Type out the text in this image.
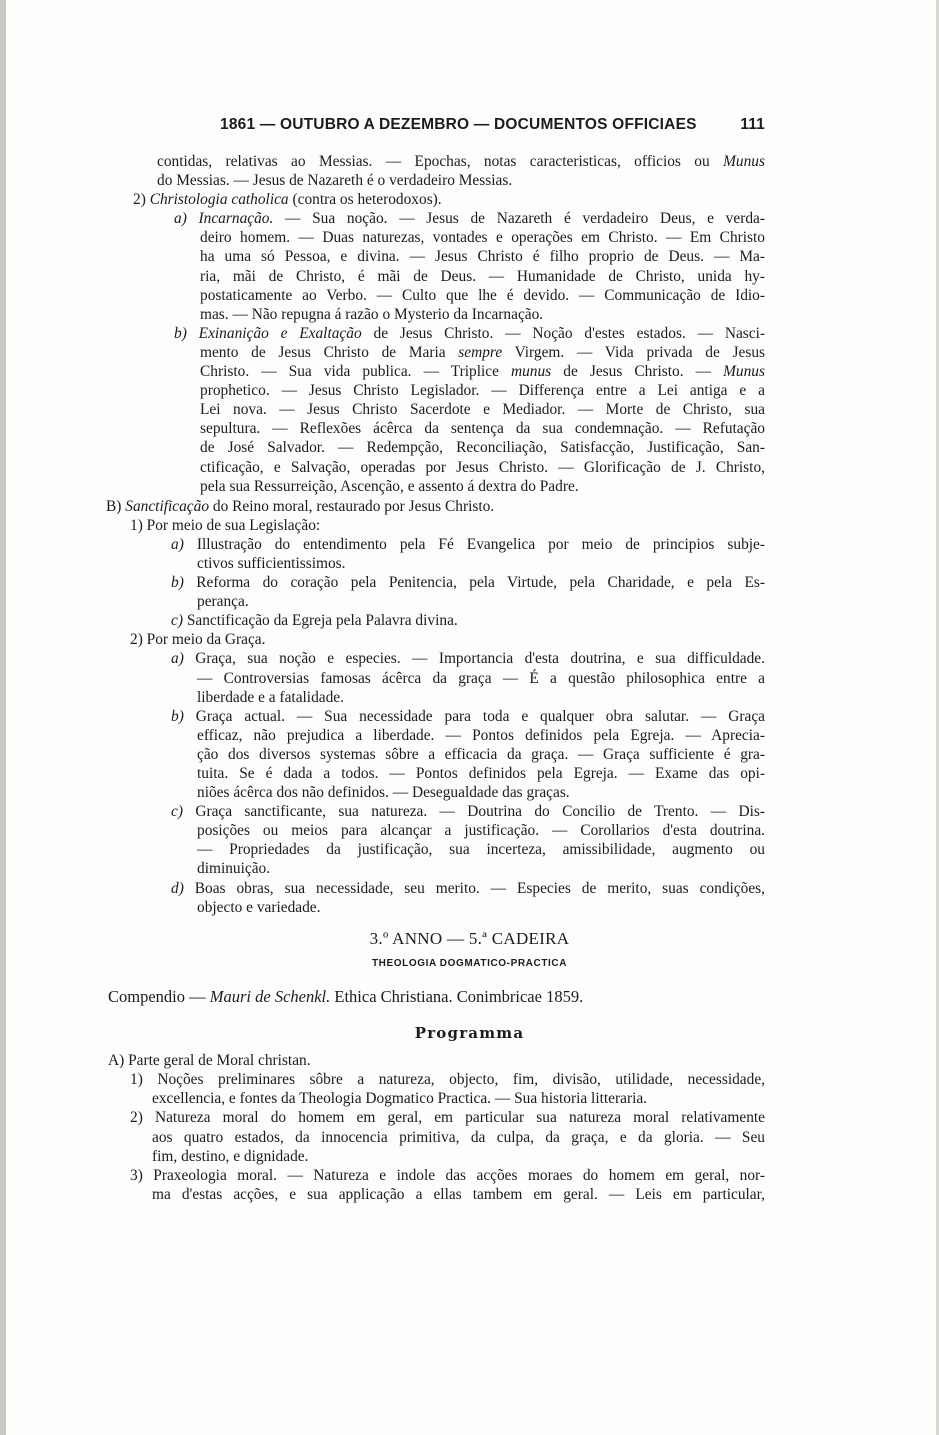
1861 — OUTUBRO A DEZEMBRO — DOCUMENTOS OFFICIAES	111
contidas, relativas ao Messias. — Epochas, notas caracteristicas, officios ou Munus
do Messias. — Jesus de Nazareth é o verdadeiro Messias.
2) Christologia catholica (contra os heterodoxos).
a) Incarnação. — Sua noção. — Jesus de Nazareth é verdadeiro Deus, e verda-
deiro homem. — Duas naturezas, vontades e operações em Christo. — Em Christo
ha uma só Pessoa, e divina. — Jesus Christo é filho proprio de Deus. — Ma-
ria, mãi de Christo, é mãi de Deus. — Humanidade de Christo, unida hy-
postaticamente ao Verbo. — Culto que lhe é devido. — Communicação de Idio-
mas. — Não repugna á razão o Mysterio da Incarnação.
b) Exinanição e Exaltação de Jesus Christo. — Noção d'estes estados. — Nasci-
mento de Jesus Christo de Maria sempre Virgem. — Vida privada de Jesus
Christo. — Sua vida publica. — Triplice munus de Jesus Christo. — Munus
prophetico. — Jesus Christo Legislador. — Differença entre a Lei antiga e a
Lei nova. — Jesus Christo Sacerdote e Mediador. — Morte de Christo, sua
sepultura. — Reflexões ácêrca da sentença da sua condemnação. — Refutação
de José Salvador. — Redempção, Reconciliação, Satisfacção, Justificação, San-
ctificação, e Salvação, operadas por Jesus Christo. — Glorificação de J. Christo,
pela sua Ressurreição, Ascenção, e assento á dextra do Padre.
B) Sanctificação do Reino moral, restaurado por Jesus Christo.
1) Por meio de sua Legislação:
a) Illustração do entendimento pela Fé Evangelica por meio de principios subje-
ctivos sufficientissimos.
b) Reforma do coração pela Penitencia, pela Virtude, pela Charidade, e pela Es-
perança.
c) Sanctificação da Egreja pela Palavra divina.
2) Por meio da Graça.
a) Graça, sua noção e especies. — Importancia d'esta doutrina, e sua difficuldade.
— Controversias famosas ácêrca da graça — É a questão philosophica entre a
liberdade e a fatalidade.
b) Graça actual. — Sua necessidade para toda e qualquer obra salutar. — Graça
efficaz, não prejudica a liberdade. — Pontos definidos pela Egreja. — Aprecia-
ção dos diversos systemas sôbre a efficacia da graça. — Graça sufficiente é gra-
tuita. Se é dada a todos. — Pontos definidos pela Egreja. — Exame das opi-
niões ácêrca dos não definidos. — Desegualdade das graças.
c) Graça sanctificante, sua natureza. — Doutrina do Concilio de Trento. — Dis-
posições ou meios para alcançar a justificação. — Corollarios d'esta doutrina.
— Propriedades da justificação, sua incerteza, amissibilidade, augmento ou
diminuição.
d) Boas obras, sua necessidade, seu merito. — Especies de merito, suas condições,
objecto e variedade.
3.º ANNO — 5.ª CADEIRA
THEOLOGIA DOGMATICO-PRACTICA
Compendio — Mauri de Schenkl. Ethica Christiana. Conimbricae 1859.
Programma
A) Parte geral de Moral christan.
1) Noções preliminares sôbre a natureza, objecto, fim, divisão, utilidade, necessidade,
excellencia, e fontes da Theologia Dogmatico Practica. — Sua historia litteraria.
2) Natureza moral do homem em geral, em particular sua natureza moral relativamente
aos quatro estados, da innocencia primitiva, da culpa, da graça, e da gloria. — Seu
fim, destino, e dignidade.
3) Praxeologia moral. — Natureza e indole das acções moraes do homem em geral, nor-
ma d'estas acções, e sua applicação a ellas tambem em geral. — Leis em particular,
